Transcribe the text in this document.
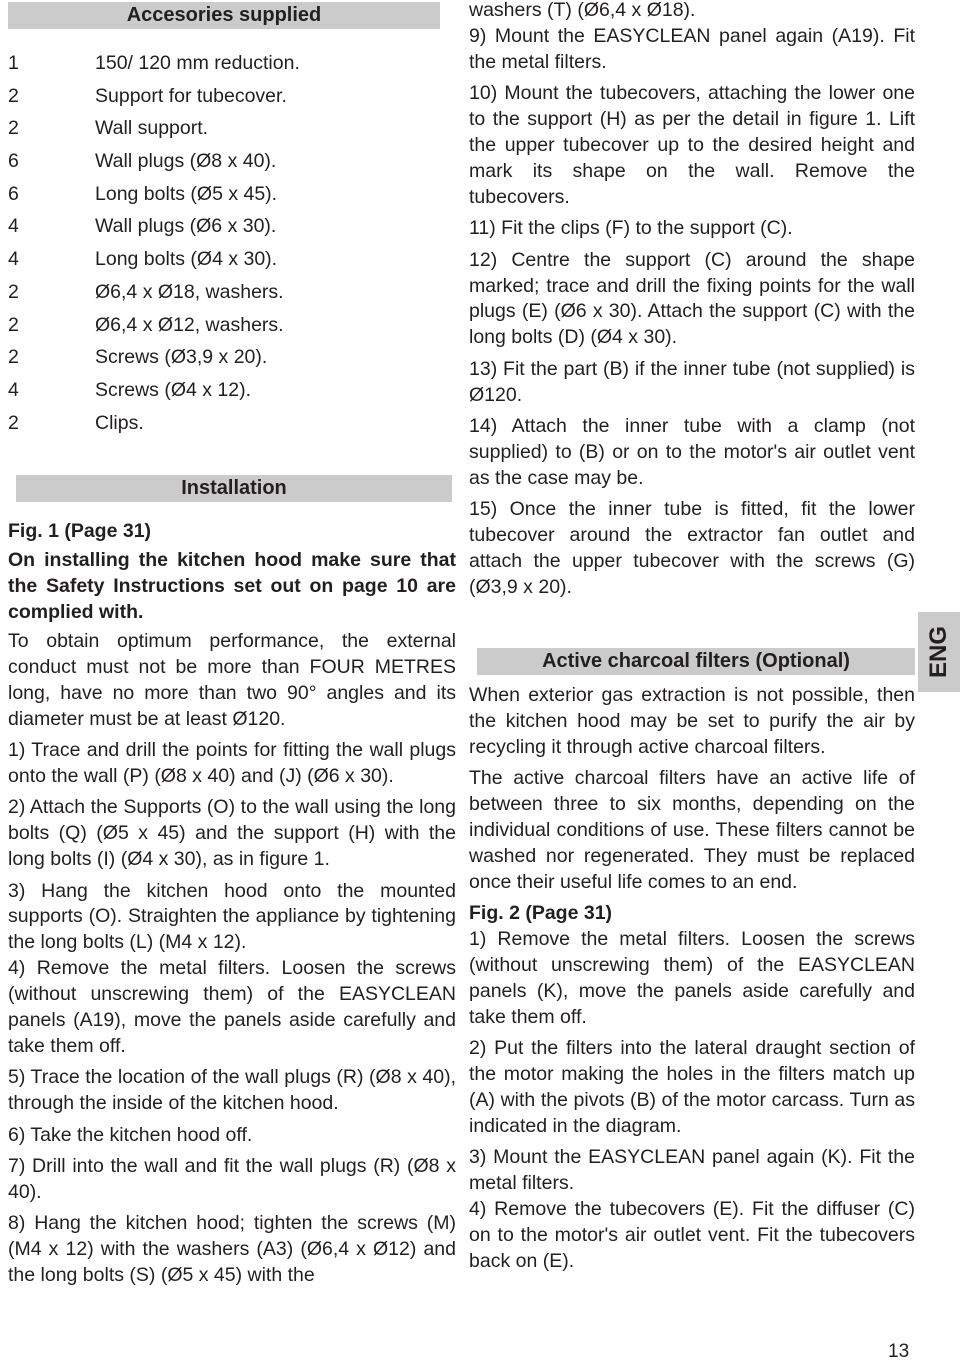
Accesories supplied
1	150/ 120 mm reduction.
2	Support for tubecover.
2	Wall support.
6	Wall plugs (Ø8 x 40).
6	Long bolts (Ø5 x 45).
4	Wall plugs (Ø6 x 30).
4	Long bolts (Ø4 x 30).
2	Ø6,4 x Ø18, washers.
2	Ø6,4 x Ø12, washers.
2	Screws (Ø3,9 x 20).
4	Screws (Ø4 x 12).
2	Clips.
Installation

Fig. 1 (Page 31)

On installing the kitchen hood make sure that the Safety Instructions set out on page 10 are complied with.

To obtain optimum performance, the external conduct must not be more than FOUR METRES long, have no more than two 90° angles and its diameter must be at least Ø120.

1) Trace and drill the points for fitting the wall plugs onto the wall (P) (Ø8 x 40) and (J) (Ø6 x 30).

2) Attach the Supports (O) to the wall using the long bolts (Q) (Ø5 x 45) and the support (H) with the long bolts (I) (Ø4 x 30), as in figure 1.

3) Hang the kitchen hood onto the mounted supports (O). Straighten the appliance by tightening the long bolts (L) (M4 x 12).

4) Remove the metal filters. Loosen the screws (without unscrewing them) of the EASYCLEAN panels (A19), move the panels aside carefully and take them off.

5) Trace the location of the wall plugs (R) (Ø8 x 40), through the inside of the kitchen hood.

6) Take the kitchen hood off.

7) Drill into the wall and fit the wall plugs (R) (Ø8 x 40).

8) Hang the kitchen hood; tighten the screws (M) (M4 x 12) with the washers (A3) (Ø6,4 x Ø12) and the long bolts (S) (Ø5 x 45) with the

washers (T) (Ø6,4 x Ø18).

9) Mount the EASYCLEAN panel again (A19). Fit the metal filters.

10) Mount the tubecovers, attaching the lower one to the support (H) as per the detail in figure 1. Lift the upper tubecover up to the desired height and mark its shape on the wall. Remove the tubecovers.

11) Fit the clips (F) to the support (C).

12) Centre the support (C) around the shape marked; trace and drill the fixing points for the wall plugs (E) (Ø6 x 30). Attach the support (C) with the long bolts (D) (Ø4 x 30).

13) Fit the part (B) if the inner tube (not supplied) is Ø120.

14) Attach the inner tube with a clamp (not supplied) to (B) or on to the motor's air outlet vent as the case may be.

15) Once the inner tube is fitted, fit the lower tubecover around the extractor fan outlet and attach the upper tubecover with the screws (G) (Ø3,9 x 20).

Active charcoal filters (Optional)

When exterior gas extraction is not possible, then the kitchen hood may be set to purify the air by recycling it through active charcoal filters.

The active charcoal filters have an active life of between three to six months, depending on the individual conditions of use. These filters cannot be washed nor regenerated. They must be replaced once their useful life comes to an end.

Fig. 2 (Page 31)

1) Remove the metal filters. Loosen the screws (without unscrewing them) of the EASYCLEAN panels (K), move the panels aside carefully and take them off.

2) Put the filters into the lateral draught section of the motor making the holes in the filters match up (A) with the pivots (B) of the motor carcass. Turn as indicated in the diagram.

3) Mount the EASYCLEAN panel again (K). Fit the metal filters.

4) Remove the tubecovers (E). Fit the diffuser (C) on to the motor's air outlet vent. Fit the tubecovers back on (E).

ENG
13
